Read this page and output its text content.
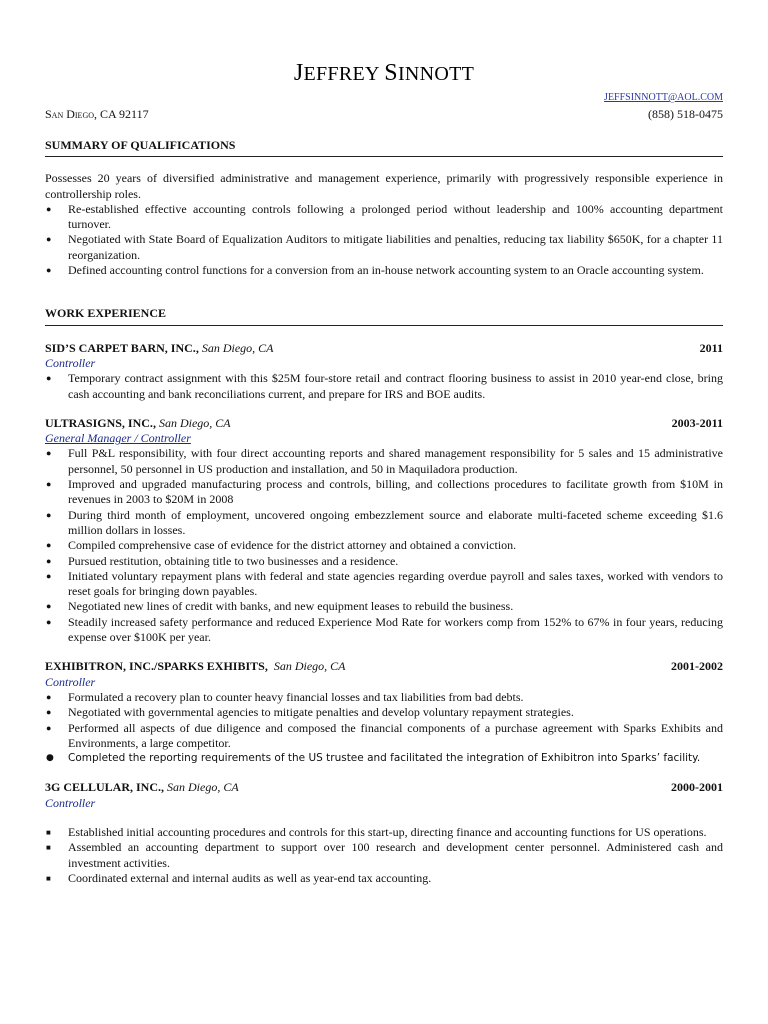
JEFFREY SINNOTT
JEFFSINNOTT@AOL.COM
San Diego, CA 92117	(858) 518-0475
SUMMARY OF QUALIFICATIONS

Possesses 20 years of diversified administrative and management experience, primarily with progressively responsible experience in controllership roles.

● Re-established effective accounting controls following a prolonged period without leadership and 100% accounting department turnover.
● Negotiated with State Board of Equalization Auditors to mitigate liabilities and penalties, reducing tax liability $650K, for a chapter 11 reorganization.
● Defined accounting control functions for a conversion from an in-house network accounting system to an Oracle accounting system.
WORK EXPERIENCE
SID’S CARPET BARN, INC., San Diego, CA	2011
Controller
● Temporary contract assignment with this $25M four-store retail and contract flooring business to assist in 2010 year-end close, bring cash accounting and bank reconciliations current, and prepare for IRS and BOE audits.
ULTRASIGNS, INC., San Diego, CA	2003-2011
General Manager / Controller
● Full P&L responsibility, with four direct accounting reports and shared management responsibility for 5 sales and 15 administrative personnel, 50 personnel in US production and installation, and 50 in Maquiladora production.
● Improved and upgraded manufacturing process and controls, billing, and collections procedures to facilitate growth from $10M in revenues in 2003 to $20M in 2008
● During third month of employment, uncovered ongoing embezzlement source and elaborate multi-faceted scheme exceeding $1.6 million dollars in losses.
● Compiled comprehensive case of evidence for the district attorney and obtained a conviction.
● Pursued restitution, obtaining title to two businesses and a residence.
● Initiated voluntary repayment plans with federal and state agencies regarding overdue payroll and sales taxes, worked with vendors to reset goals for bringing down payables.
● Negotiated new lines of credit with banks, and new equipment leases to rebuild the business.
● Steadily increased safety performance and reduced Experience Mod Rate for workers comp from 152% to 67% in four years, reducing expense over $100K per year.
EXHIBITRON, INC./SPARKS EXHIBITS,  San Diego, CA	2001-2002
Controller
● Formulated a recovery plan to counter heavy financial losses and tax liabilities from bad debts.
● Negotiated with governmental agencies to mitigate penalties and develop voluntary repayment strategies.
● Performed all aspects of due diligence and composed the financial components of a purchase agreement with Sparks Exhibits and Environments, a large competitor.
● Completed the reporting requirements of the US trustee and facilitated the integration of Exhibitron into Sparks’ facility.
3G CELLULAR, INC., San Diego, CA	2000-2001
Controller
■ Established initial accounting procedures and controls for this start-up, directing finance and accounting functions for US operations.
■ Assembled an accounting department to support over 100 research and development center personnel. Administered cash and investment activities.
■ Coordinated external and internal audits as well as year-end tax accounting.
